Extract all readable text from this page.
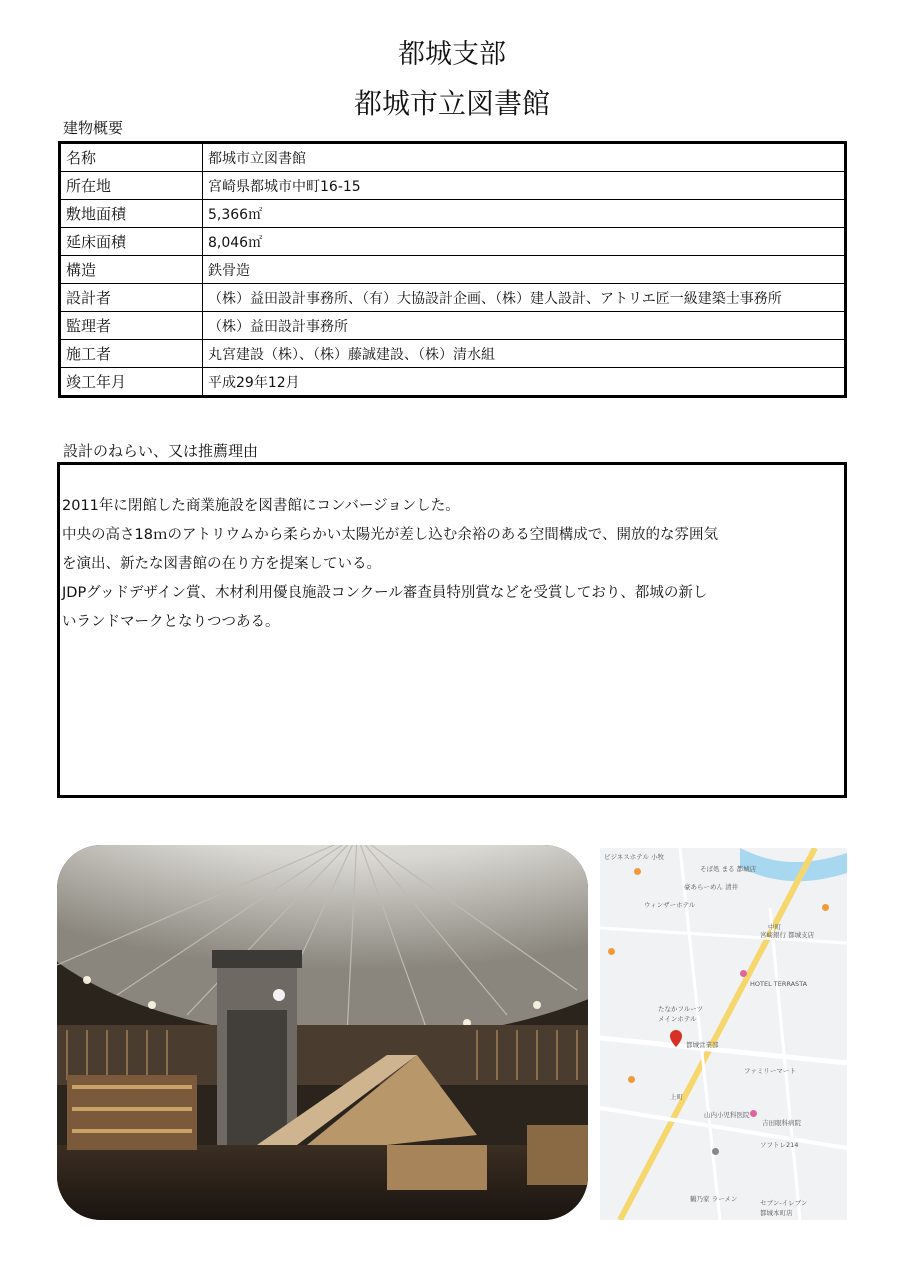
都城支部
都城市立図書館
建物概要
名称	都城市立図書館
所在地	宮崎県都城市中町16-15
敷地面積	5,366㎡
延床面積	8,046㎡
構造	鉄骨造
設計者	（株）益田設計事務所、（有）大協設計企画、（株）建人設計、アトリエ匠一級建築士事務所
監理者	（株）益田設計事務所
施工者	丸宮建設（株）、（株）藤誠建設、（株）清水組
竣工年月	平成29年12月
設計のねらい、又は推薦理由

2011年に閉館した商業施設を図書館にコンバージョンした。

中央の高さ18ｍのアトリウムから柔らかい太陽光が差し込む余裕のある空間構成で、開放的な雰囲気

を演出、新たな図書館の在り方を提案している。

JDPグッドデザイン賞、木材利用優良施設コンクール審査員特別賞などを受賞しており、都城の新し

いランドマークとなりつつある。

ビジネスホテル 小牧
そば処 まる 都城店
豪あらーめん 清井
ウィンザーホテル
中町
宮崎銀行 都城支店
HOTEL TERRASTA
たなかフルーツ
メインホテル
都城営業部
ファミリーマート
上町
山内小児科医院
吉田眼科病院
ソフトレ214
鶴乃家 ラーメン	セブン-イレブン
都城本町店
